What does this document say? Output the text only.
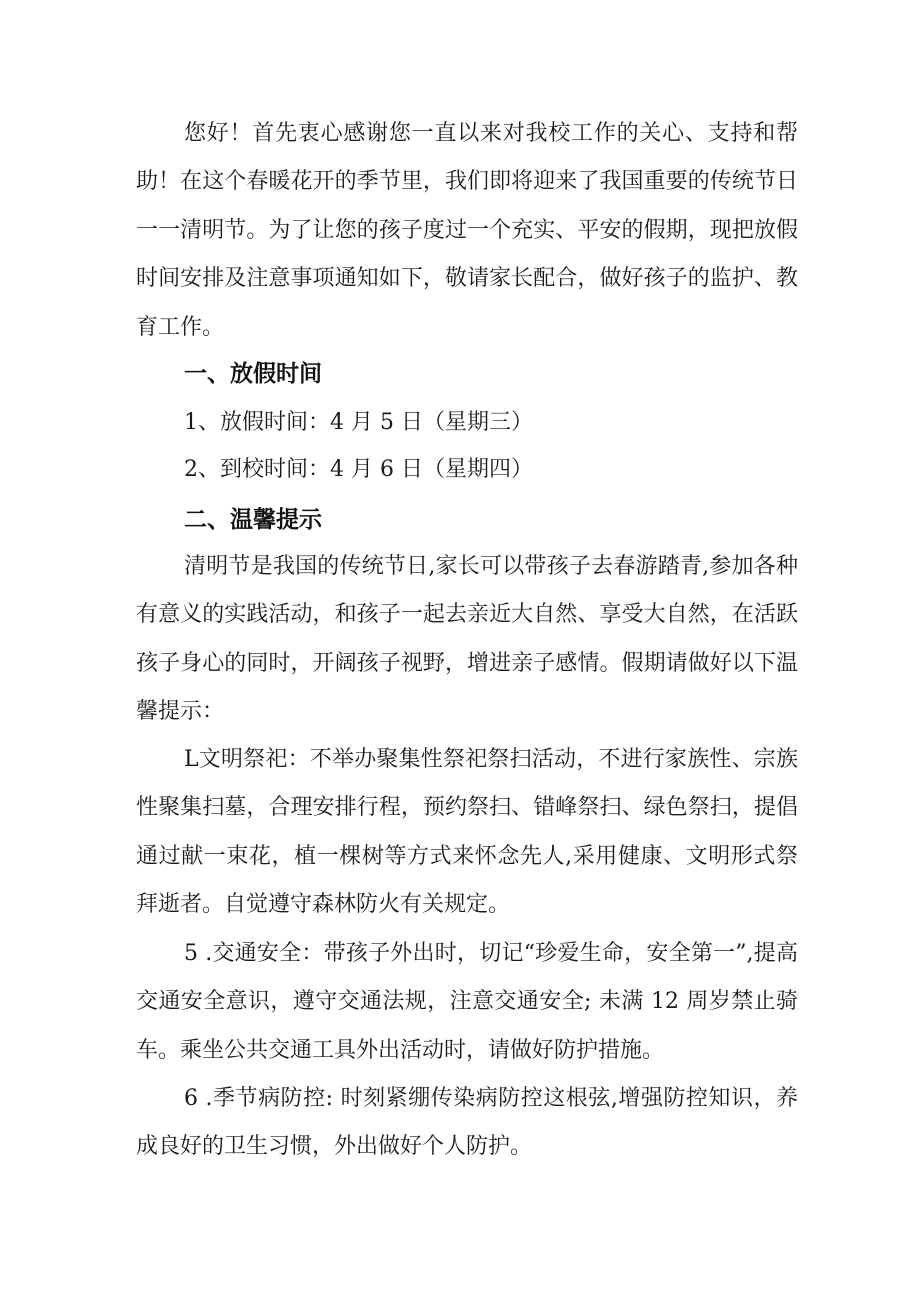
您好！首先衷心感谢您一直以来对我校工作的关心、支持和帮助！在这个春暖花开的季节里，我们即将迎来了我国重要的传统节日一一清明节。为了让您的孩子度过一个充实、平安的假期，现把放假时间安排及注意事项通知如下，敬请家长配合，做好孩子的监护、教育工作。

一、放假时间

1、放假时间：4 月 5 日（星期三）

2、到校时间：4 月 6 日（星期四）

二、温馨提示

清明节是我国的传统节日,家长可以带孩子去春游踏青,参加各种有意义的实践活动，和孩子一起去亲近大自然、享受大自然，在活跃孩子身心的同时，开阔孩子视野，增进亲子感情。假期请做好以下温馨提示：

L文明祭祀：不举办聚集性祭祀祭扫活动，不进行家族性、宗族性聚集扫墓，合理安排行程，预约祭扫、错峰祭扫、绿色祭扫，提倡通过献一束花，植一棵树等方式来怀念先人,采用健康、文明形式祭拜逝者。自觉遵守森林防火有关规定。

5 .交通安全：带孩子外出时，切记“珍爱生命，安全第一”,提高交通安全意识，遵守交通法规，注意交通安全; 未满 12 周岁禁止骑车。乘坐公共交通工具外出活动时，请做好防护措施。

6 .季节病防控: 时刻紧绷传染病防控这根弦,增强防控知识，养成良好的卫生习惯，外出做好个人防护。
